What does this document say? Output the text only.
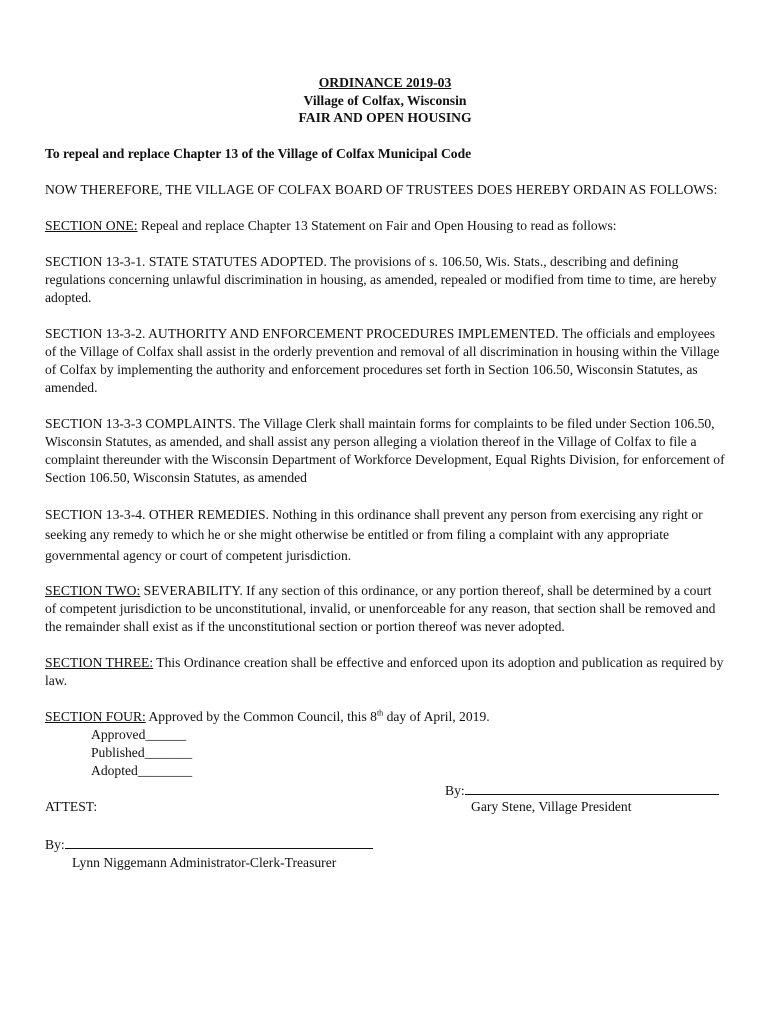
ORDINANCE 2019-03
Village of Colfax, Wisconsin
FAIR AND OPEN HOUSING

To repeal and replace Chapter 13 of the Village of Colfax Municipal Code

NOW THEREFORE, THE VILLAGE OF COLFAX BOARD OF TRUSTEES DOES HEREBY ORDAIN AS FOLLOWS:

SECTION ONE: Repeal and replace Chapter 13 Statement on Fair and Open Housing to read as follows:

SECTION 13-3-1. STATE STATUTES ADOPTED. The provisions of s. 106.50, Wis. Stats., describing and defining regulations concerning unlawful discrimination in housing, as amended, repealed or modified from time to time, are hereby adopted.

SECTION 13-3-2. AUTHORITY AND ENFORCEMENT PROCEDURES IMPLEMENTED. The officials and employees of the Village of Colfax shall assist in the orderly prevention and removal of all discrimination in housing within the Village of Colfax by implementing the authority and enforcement procedures set forth in Section 106.50, Wisconsin Statutes, as amended.

SECTION 13-3-3 COMPLAINTS. The Village Clerk shall maintain forms for complaints to be filed under Section 106.50, Wisconsin Statutes, as amended, and shall assist any person alleging a violation thereof in the Village of Colfax to file a complaint thereunder with the Wisconsin Department of Workforce Development, Equal Rights Division, for enforcement of Section 106.50, Wisconsin Statutes, as amended

SECTION 13-3-4. OTHER REMEDIES. Nothing in this ordinance shall prevent any person from exercising any right or seeking any remedy to which he or she might otherwise be entitled or from filing a complaint with any appropriate governmental agency or court of competent jurisdiction.

SECTION TWO: SEVERABILITY. If any section of this ordinance, or any portion thereof, shall be determined by a court of competent jurisdiction to be unconstitutional, invalid, or unenforceable for any reason, that section shall be removed and the remainder shall exist as if the unconstitutional section or portion thereof was never adopted.

SECTION THREE: This Ordinance creation shall be effective and enforced upon its adoption and publication as required by law.

SECTION FOUR: Approved by the Common Council, this 8th day of April, 2019.

Approved______
Published_______
Adopted________
By:
Gary Stene, Village President
ATTEST:
By:
Lynn Niggemann Administrator-Clerk-Treasurer
